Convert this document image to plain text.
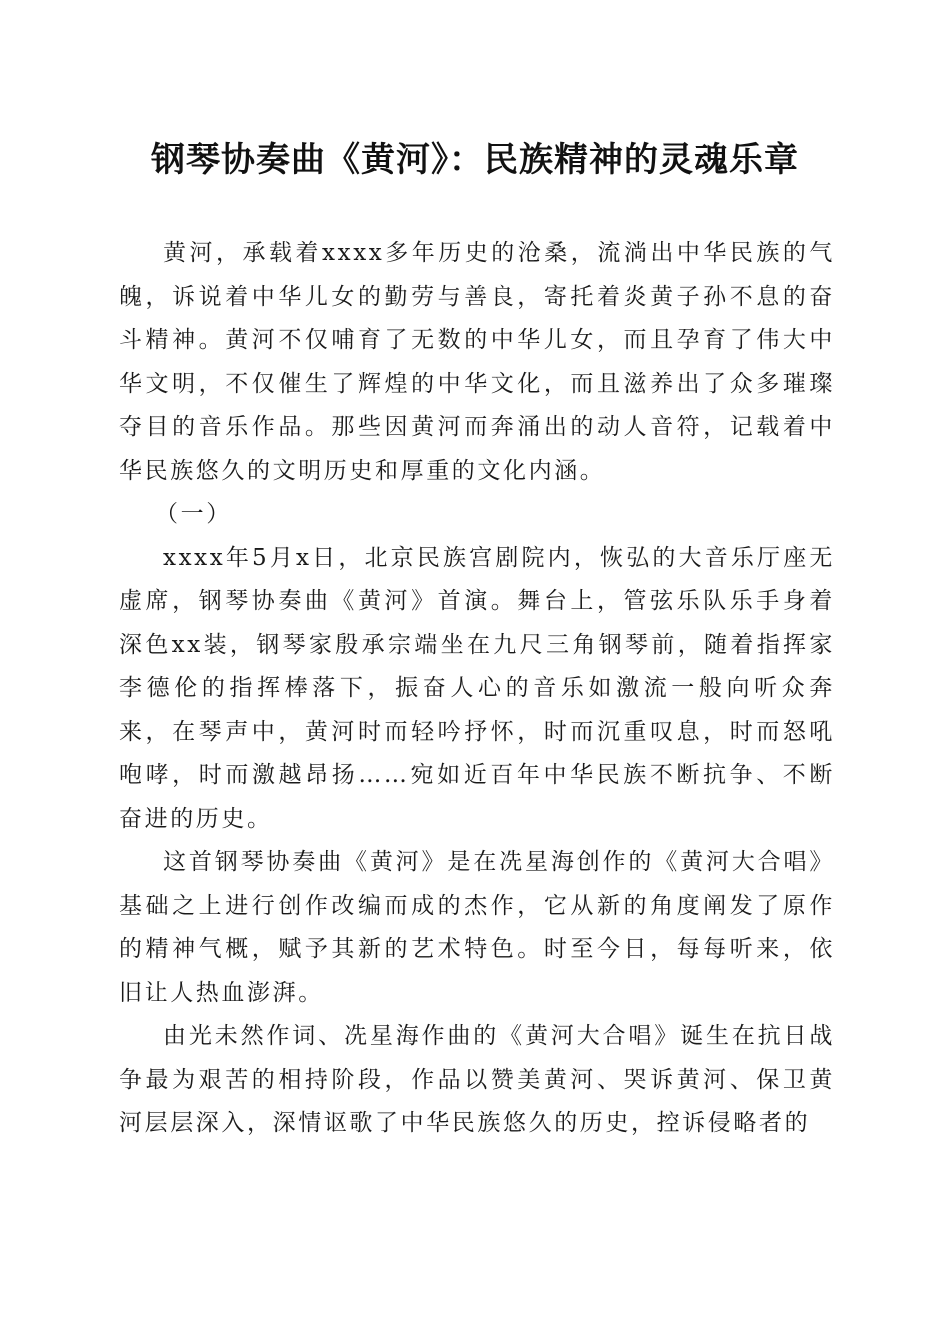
钢琴协奏曲《黄河》：民族精神的灵魂乐章

黄河，承载着xxxx多年历史的沧桑，流淌出中华民族的气魄，诉说着中华儿女的勤劳与善良，寄托着炎黄子孙不息的奋斗精神。黄河不仅哺育了无数的中华儿女，而且孕育了伟大中华文明，不仅催生了辉煌的中华文化，而且滋养出了众多璀璨夺目的音乐作品。那些因黄河而奔涌出的动人音符，记载着中华民族悠久的文明历史和厚重的文化内涵。

（一）

xxxx年5月x日，北京民族宫剧院内，恢弘的大音乐厅座无虚席，钢琴协奏曲《黄河》首演。舞台上，管弦乐队乐手身着深色xx装，钢琴家殷承宗端坐在九尺三角钢琴前，随着指挥家李德伦的指挥棒落下，振奋人心的音乐如激流一般向听众奔来，在琴声中，黄河时而轻吟抒怀，时而沉重叹息，时而怒吼咆哮，时而激越昂扬……宛如近百年中华民族不断抗争、不断奋进的历史。

这首钢琴协奏曲《黄河》是在冼星海创作的《黄河大合唱》基础之上进行创作改编而成的杰作，它从新的角度阐发了原作的精神气概，赋予其新的艺术特色。时至今日，每每听来，依旧让人热血澎湃。

由光未然作词、冼星海作曲的《黄河大合唱》诞生在抗日战争最为艰苦的相持阶段，作品以赞美黄河、哭诉黄河、保卫黄河层层深入，深情讴歌了中华民族悠久的历史，控诉侵略者的
